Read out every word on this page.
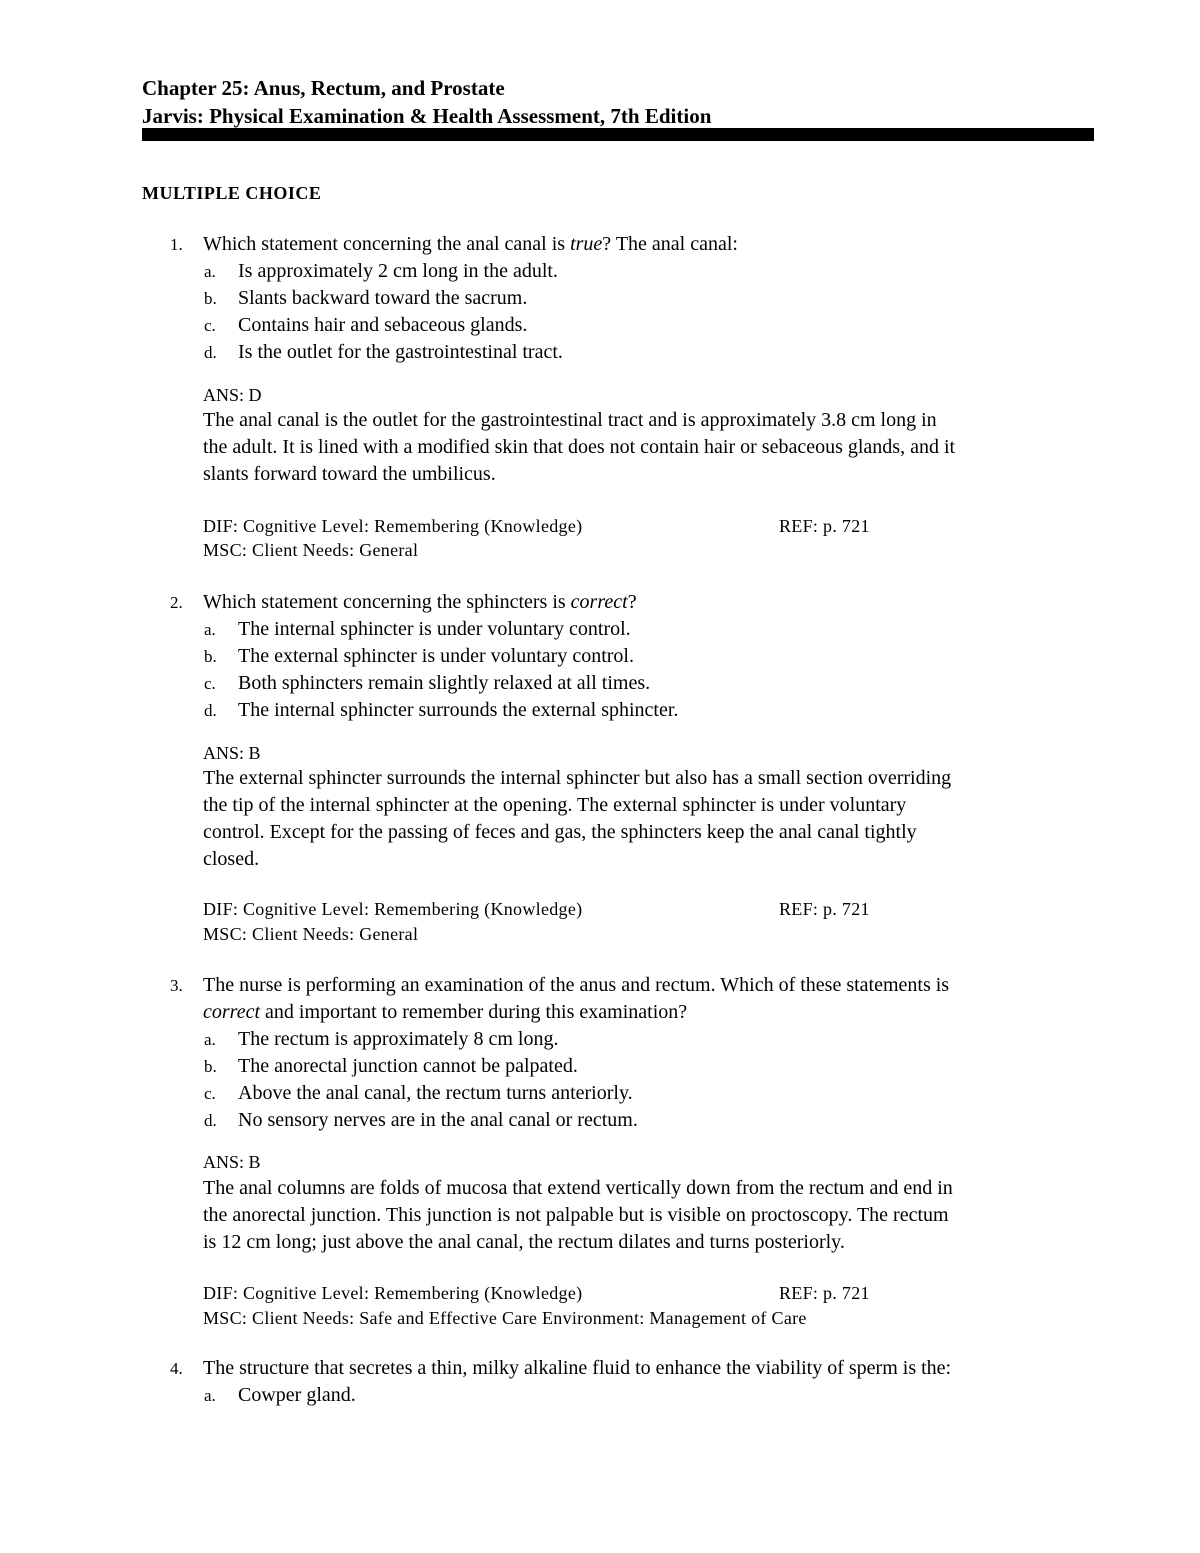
Chapter 25: Anus, Rectum, and Prostate
Jarvis: Physical Examination & Health Assessment, 7th Edition
MULTIPLE CHOICE
1. Which statement concerning the anal canal is true? The anal canal:
a. Is approximately 2 cm long in the adult.
b. Slants backward toward the sacrum.
c. Contains hair and sebaceous glands.
d. Is the outlet for the gastrointestinal tract.
ANS: D
The anal canal is the outlet for the gastrointestinal tract and is approximately 3.8 cm long in
the adult. It is lined with a modified skin that does not contain hair or sebaceous glands, and it
slants forward toward the umbilicus.
DIF: Cognitive Level: Remembering (Knowledge)	REF: p. 721
MSC: Client Needs: General
2. Which statement concerning the sphincters is correct?
a. The internal sphincter is under voluntary control.
b. The external sphincter is under voluntary control.
c. Both sphincters remain slightly relaxed at all times.
d. The internal sphincter surrounds the external sphincter.
ANS: B
The external sphincter surrounds the internal sphincter but also has a small section overriding
the tip of the internal sphincter at the opening. The external sphincter is under voluntary
control. Except for the passing of feces and gas, the sphincters keep the anal canal tightly
closed.
DIF: Cognitive Level: Remembering (Knowledge)	REF: p. 721
MSC: Client Needs: General
3. The nurse is performing an examination of the anus and rectum. Which of these statements is
correct and important to remember during this examination?
a. The rectum is approximately 8 cm long.
b. The anorectal junction cannot be palpated.
c. Above the anal canal, the rectum turns anteriorly.
d. No sensory nerves are in the anal canal or rectum.
ANS: B
The anal columns are folds of mucosa that extend vertically down from the rectum and end in
the anorectal junction. This junction is not palpable but is visible on proctoscopy. The rectum
is 12 cm long; just above the anal canal, the rectum dilates and turns posteriorly.
DIF: Cognitive Level: Remembering (Knowledge)	REF: p. 721
MSC: Client Needs: Safe and Effective Care Environment: Management of Care
4. The structure that secretes a thin, milky alkaline fluid to enhance the viability of sperm is the:
a. Cowper gland.
